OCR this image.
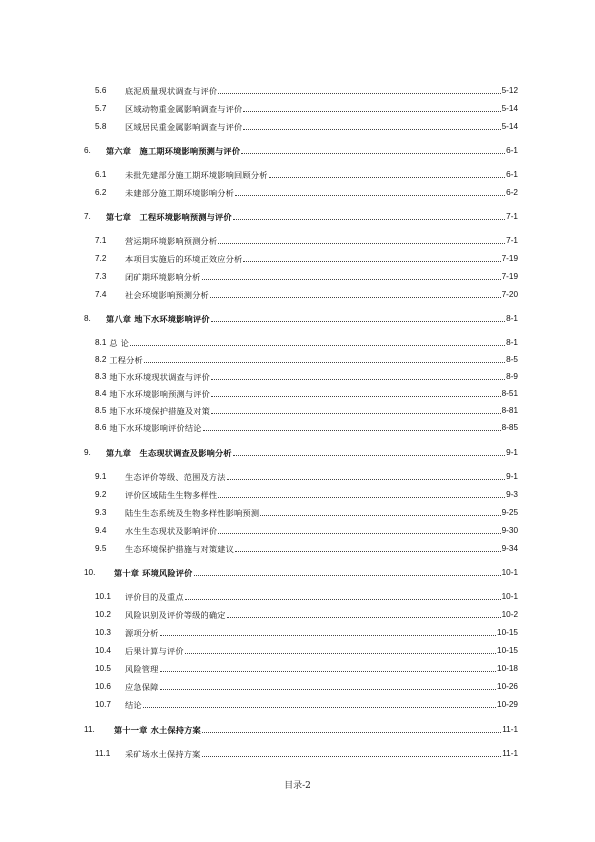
5.6	底泥质量现状调查与评价	5-12
5.7	区域动物重金属影响调查与评价	5-14
5.8	区域居民重金属影响调查与评价	5-14
6.	第六章　施工期环境影响预测与评价	6-1
6.1	未批先建部分施工期环境影响回顾分析	6-1
6.2	未建部分施工期环境影响分析	6-2
7.	第七章　工程环境影响预测与评价	7-1
7.1	营运期环境影响预测分析	7-1
7.2	本项目实施后的环境正效应分析	7-19
7.3	闭矿期环境影响分析	7-19
7.4	社会环境影响预测分析	7-20
8.	第八章 地下水环境影响评价	8-1
8.1 总 论	8-1
8.2 工程分析	8-5
8.3 地下水环境现状调查与评价	8-9
8.4 地下水环境影响预测与评价	8-51
8.5 地下水环境保护措施及对策	8-81
8.6 地下水环境影响评价结论	8-85
9.	第九章　生态现状调查及影响分析	9-1
9.1	生态评价等级、范围及方法	9-1
9.2	评价区域陆生生物多样性	9-3
9.3	陆生生态系统及生物多样性影响预测	9-25
9.4	水生生态现状及影响评价	9-30
9.5	生态环境保护措施与对策建议	9-34
10.	第十章 环境风险评价	10-1
10.1	评价目的及重点	10-1
10.2	风险识别及评价等级的确定	10-2
10.3	源项分析	10-15
10.4	后果计算与评价	10-15
10.5	风险管理	10-18
10.6	应急保障	10-26
10.7	结论	10-29
11.	第十一章 水土保持方案	11-1
11.1	采矿场水土保持方案	11-1
目录-2
